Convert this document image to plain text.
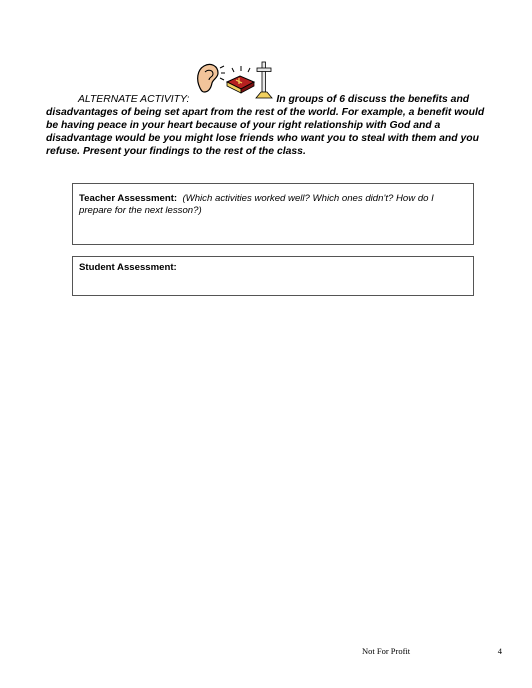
ALTERNATE ACTIVITY:	In groups of 6 discuss the benefits and disadvantages of being set apart from the rest of the world. For example, a benefit would be having peace in your heart because of your right relationship with God and a disadvantage would be you might lose friends who want you to steal with them and you refuse. Present your findings to the rest of the class.
Teacher Assessment: (Which activities worked well? Which ones didn't? How do I prepare for the next lesson?)
Student Assessment:
Not For Profit	4
